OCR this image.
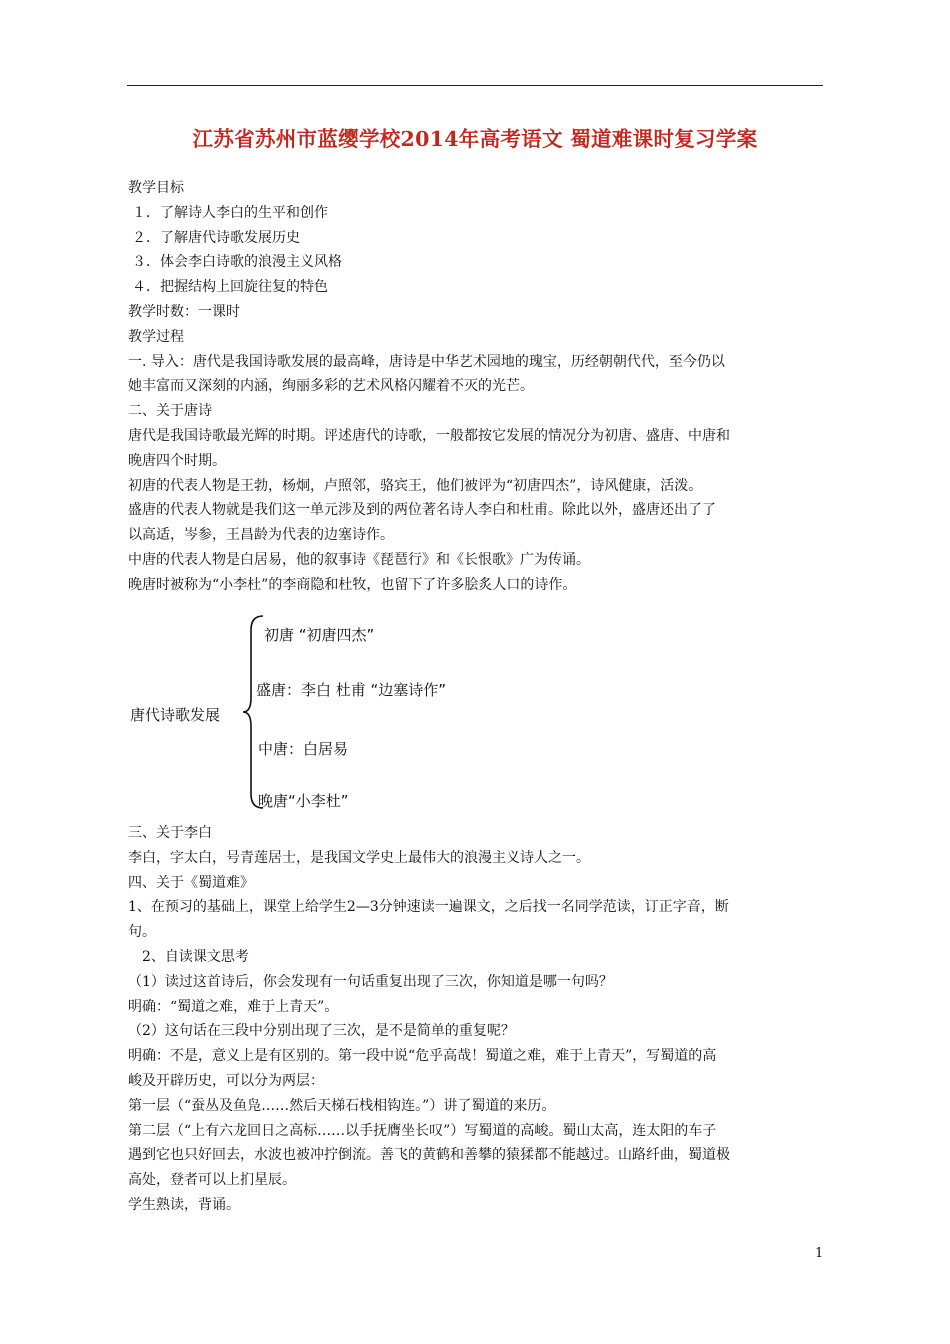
江苏省苏州市蓝缨学校2014年高考语文 蜀道难课时复习学案

教学目标

１．了解诗人李白的生平和创作

２．了解唐代诗歌发展历史

３．体会李白诗歌的浪漫主义风格

４．把握结构上回旋往复的特色

教学时数：一课时

教学过程

一. 导入：唐代是我国诗歌发展的最高峰，唐诗是中华艺术园地的瑰宝，历经朝朝代代，至今仍以

她丰富而又深刻的内涵，绚丽多彩的艺术风格闪耀着不灭的光芒。

二、关于唐诗

唐代是我国诗歌最光辉的时期。评述唐代的诗歌，一般都按它发展的情况分为初唐、盛唐、中唐和

晚唐四个时期。

初唐的代表人物是王勃，杨炯，卢照邻，骆宾王，他们被评为“初唐四杰”，诗风健康，活泼。

盛唐的代表人物就是我们这一单元涉及到的两位著名诗人李白和杜甫。除此以外，盛唐还出了了

以高适，岑参，王昌龄为代表的边塞诗作。

中唐的代表人物是白居易，他的叙事诗《琵琶行》和《长恨歌》广为传诵。

晚唐时被称为“小李杜”的李商隐和杜牧，也留下了许多脍炙人口的诗作。

唐代诗歌发展
初唐 “初唐四杰”
盛唐：李白 杜甫 “边塞诗作”
中唐：白居易
晚唐“小李杜”

三、关于李白

李白，字太白，号青莲居士，是我国文学史上最伟大的浪漫主义诗人之一。

四、关于《蜀道难》

1、在预习的基础上，课堂上给学生2—3分钟速读一遍课文，之后找一名同学范读，订正字音，断

句。

2、自读课文思考

（1）读过这首诗后，你会发现有一句话重复出现了三次，你知道是哪一句吗？

明确：“蜀道之难，难于上青天”。

（2）这句话在三段中分别出现了三次，是不是简单的重复呢？

明确：不是，意义上是有区别的。第一段中说“危乎高哉！蜀道之难，难于上青天”，写蜀道的高

峻及开辟历史，可以分为两层：

第一层（“蚕丛及鱼凫……然后天梯石栈相钩连。”）讲了蜀道的来历。

第二层（“上有六龙回日之高标……以手抚膺坐长叹”）写蜀道的高峻。蜀山太高，连太阳的车子

遇到它也只好回去，水波也被冲拧倒流。善飞的黄鹤和善攀的猿猱都不能越过。山路纤曲，蜀道极

高处，登者可以上扪星辰。

学生熟读，背诵。

1
